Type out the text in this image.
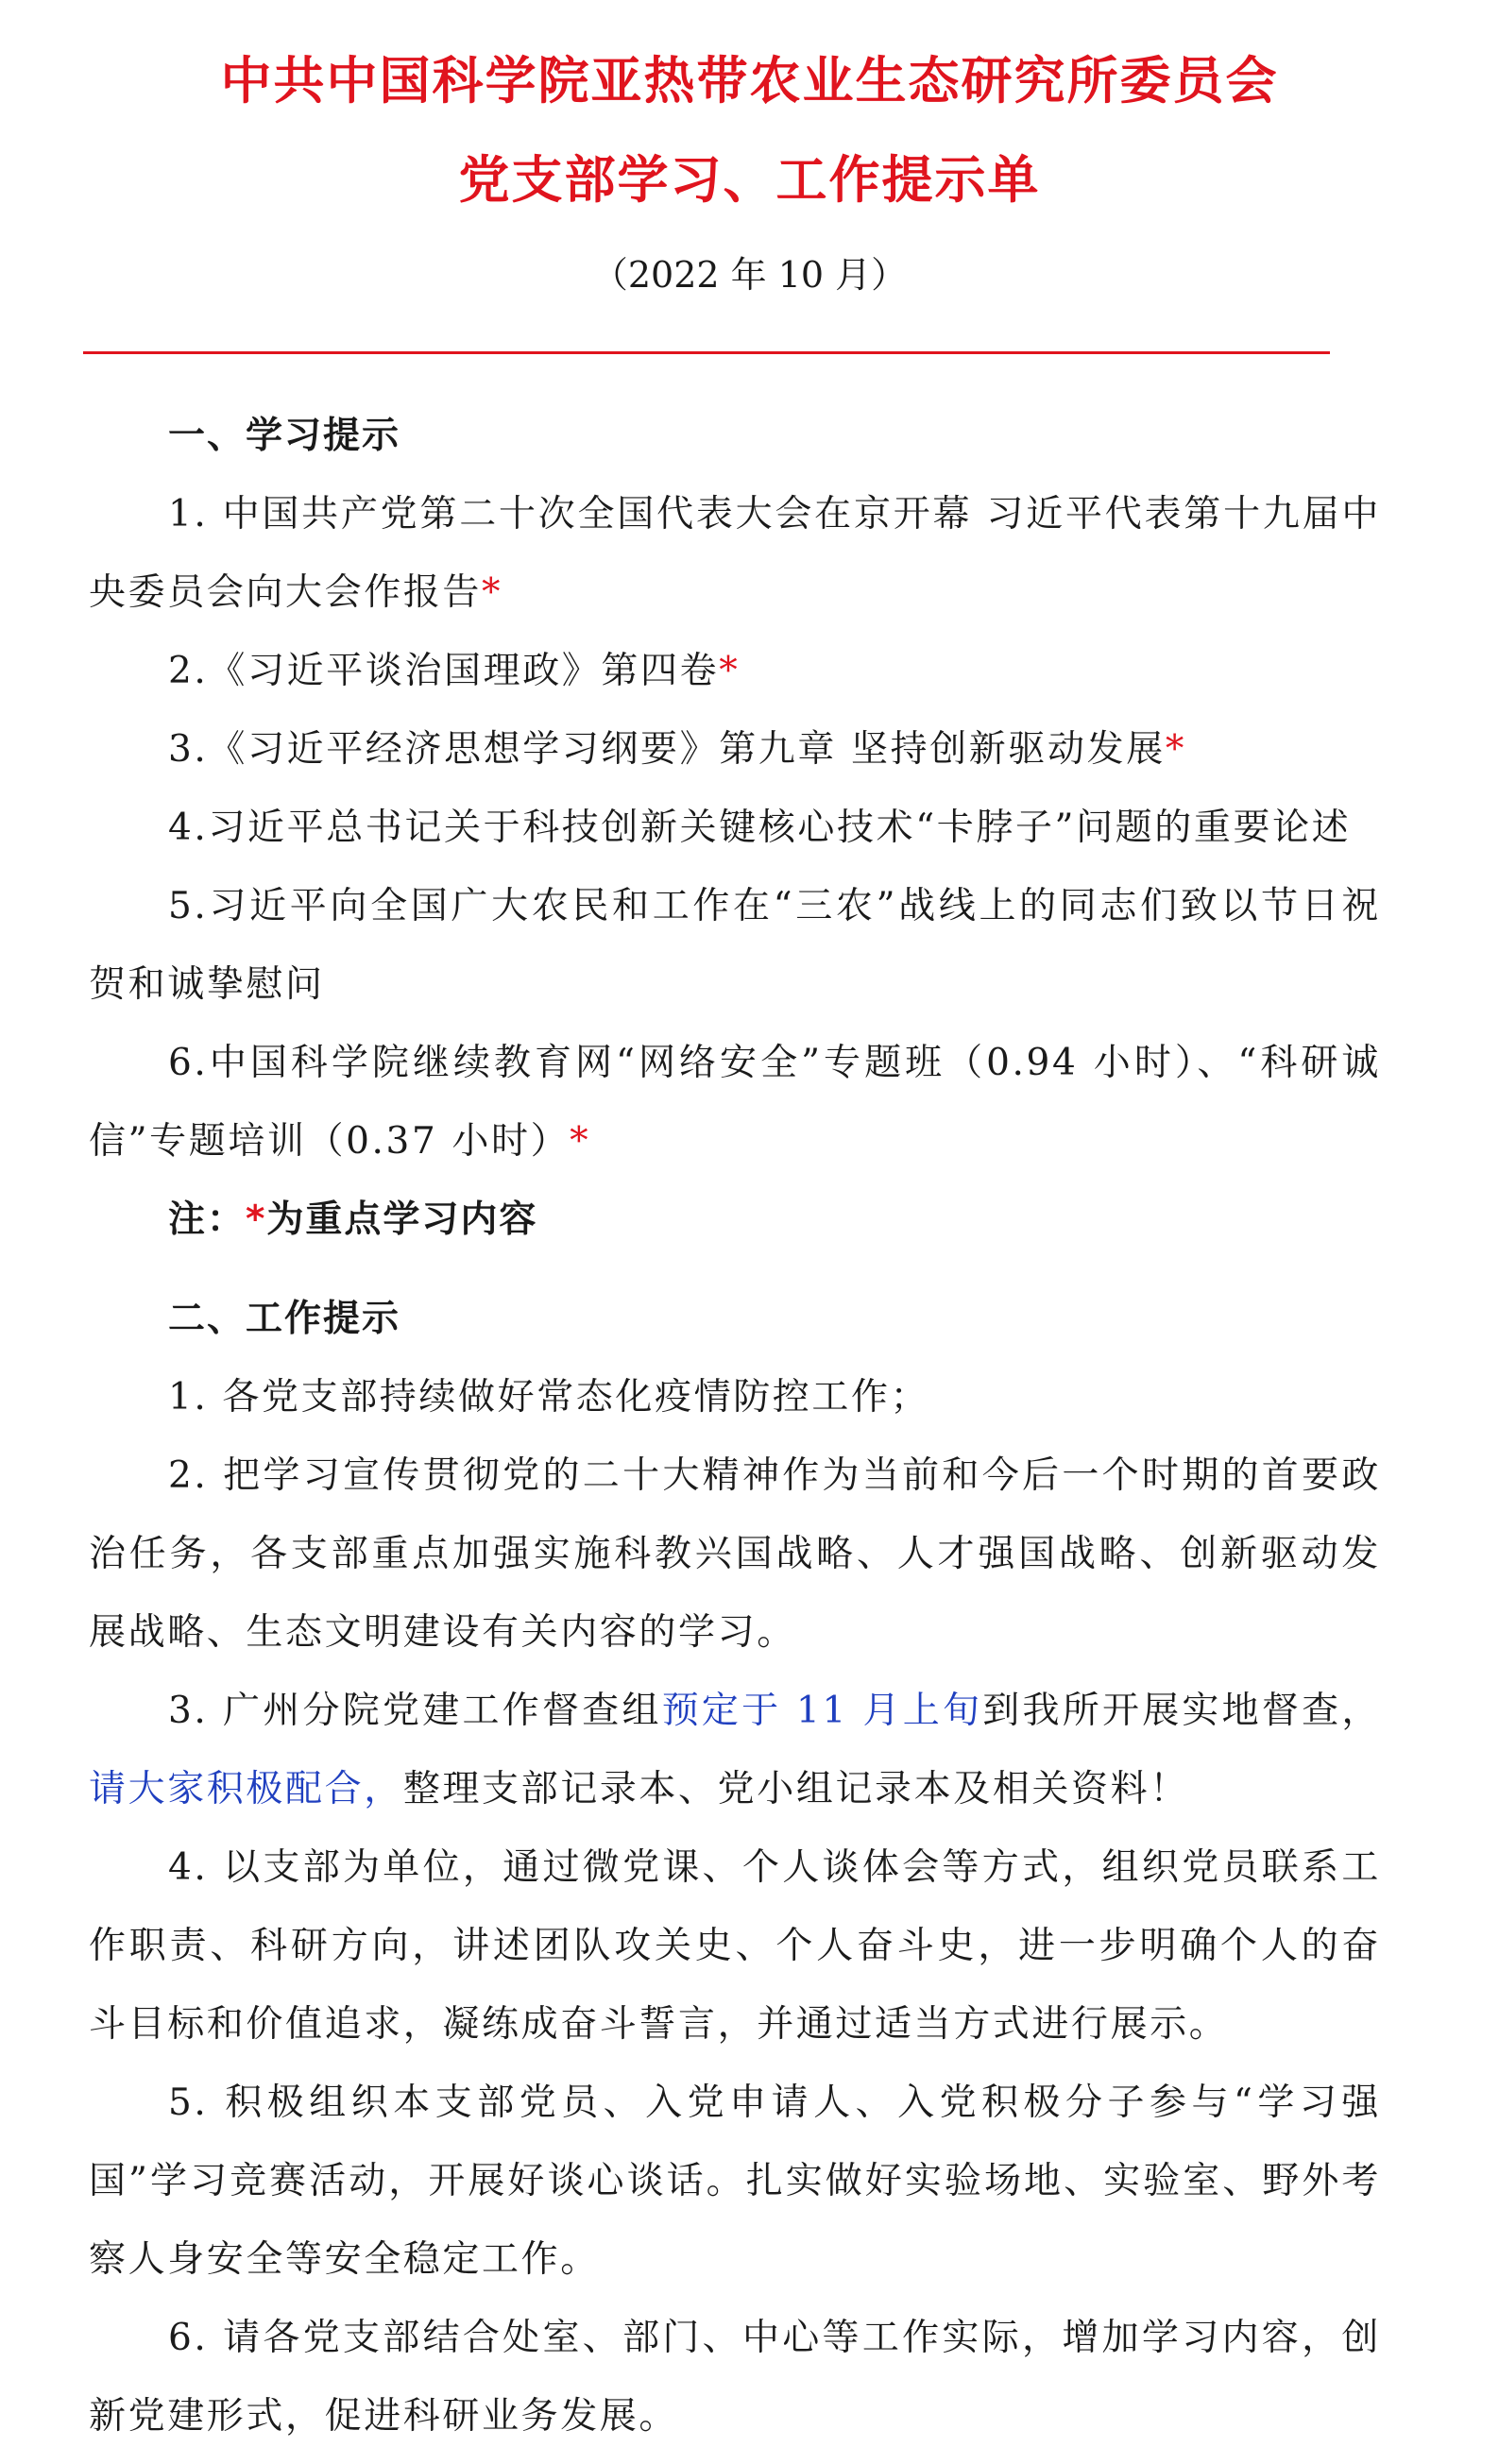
中共中国科学院亚热带农业生态研究所委员会
党支部学习、工作提示单
（2022 年 10 月）

一、学习提示

1. 中国共产党第二十次全国代表大会在京开幕 习近平代表第十九届中央委员会向大会作报告*

2.《习近平谈治国理政》第四卷*

3.《习近平经济思想学习纲要》第九章 坚持创新驱动发展*

4.习近平总书记关于科技创新关键核心技术“卡脖子”问题的重要论述

5.习近平向全国广大农民和工作在“三农”战线上的同志们致以节日祝贺和诚挚慰问

6.中国科学院继续教育网“网络安全”专题班（0.94 小时）、“科研诚信”专题培训（0.37 小时）*

注：*为重点学习内容

二、工作提示

1. 各党支部持续做好常态化疫情防控工作；

2. 把学习宣传贯彻党的二十大精神作为当前和今后一个时期的首要政治任务，各支部重点加强实施科教兴国战略、人才强国战略、创新驱动发展战略、生态文明建设有关内容的学习。

3. 广州分院党建工作督查组预定于 11 月上旬到我所开展实地督查，请大家积极配合，整理支部记录本、党小组记录本及相关资料！

4. 以支部为单位，通过微党课、个人谈体会等方式，组织党员联系工作职责、科研方向，讲述团队攻关史、个人奋斗史，进一步明确个人的奋斗目标和价值追求，凝练成奋斗誓言，并通过适当方式进行展示。

5. 积极组织本支部党员、入党申请人、入党积极分子参与“学习强国”学习竞赛活动，开展好谈心谈话。扎实做好实验场地、实验室、野外考察人身安全等安全稳定工作。

6. 请各党支部结合处室、部门、中心等工作实际，增加学习内容，创新党建形式，促进科研业务发展。
